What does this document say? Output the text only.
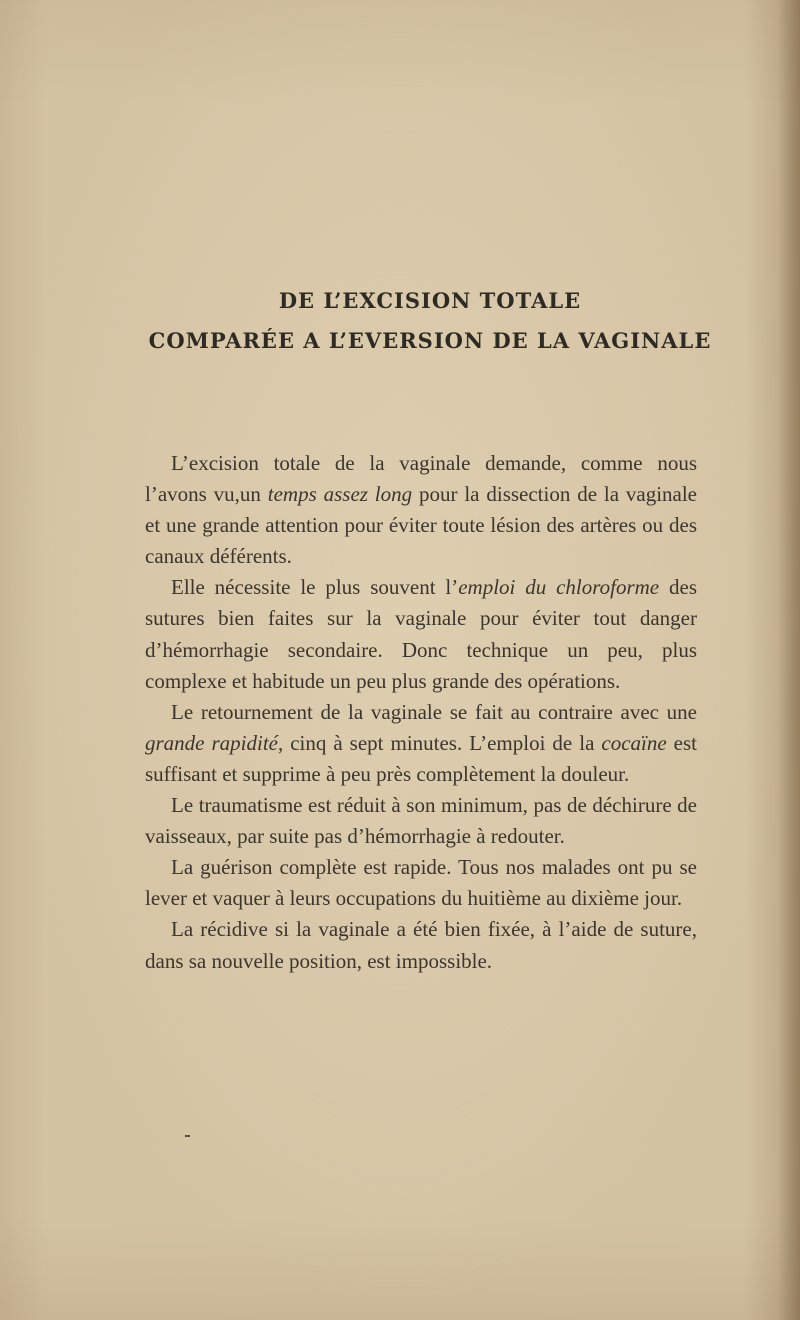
DE L’EXCISION TOTALE
COMPARÉE A L’EVERSION DE LA VAGINALE

L’excision totale de la vaginale demande, comme nous l’avons vu,un temps assez long pour la dissection de la vaginale et une grande attention pour éviter toute lésion des artères ou des canaux déférents.

Elle nécessite le plus souvent l’emploi du chloroforme des sutures bien faites sur la vaginale pour éviter tout danger d’hémorrhagie secondaire. Donc technique un peu, plus complexe et habitude un peu plus grande des opérations.

Le retournement de la vaginale se fait au contraire avec une grande rapidité, cinq à sept minutes. L’emploi de la cocaïne est suffisant et supprime à peu près complètement la douleur.

Le traumatisme est réduit à son minimum, pas de déchirure de vaisseaux, par suite pas d’hémorrhagie à redouter.

La guérison complète est rapide. Tous nos malades ont pu se lever et vaquer à leurs occupations du huitième au dixième jour.

La récidive si la vaginale a été bien fixée, à l’aide de suture, dans sa nouvelle position, est impossible.
